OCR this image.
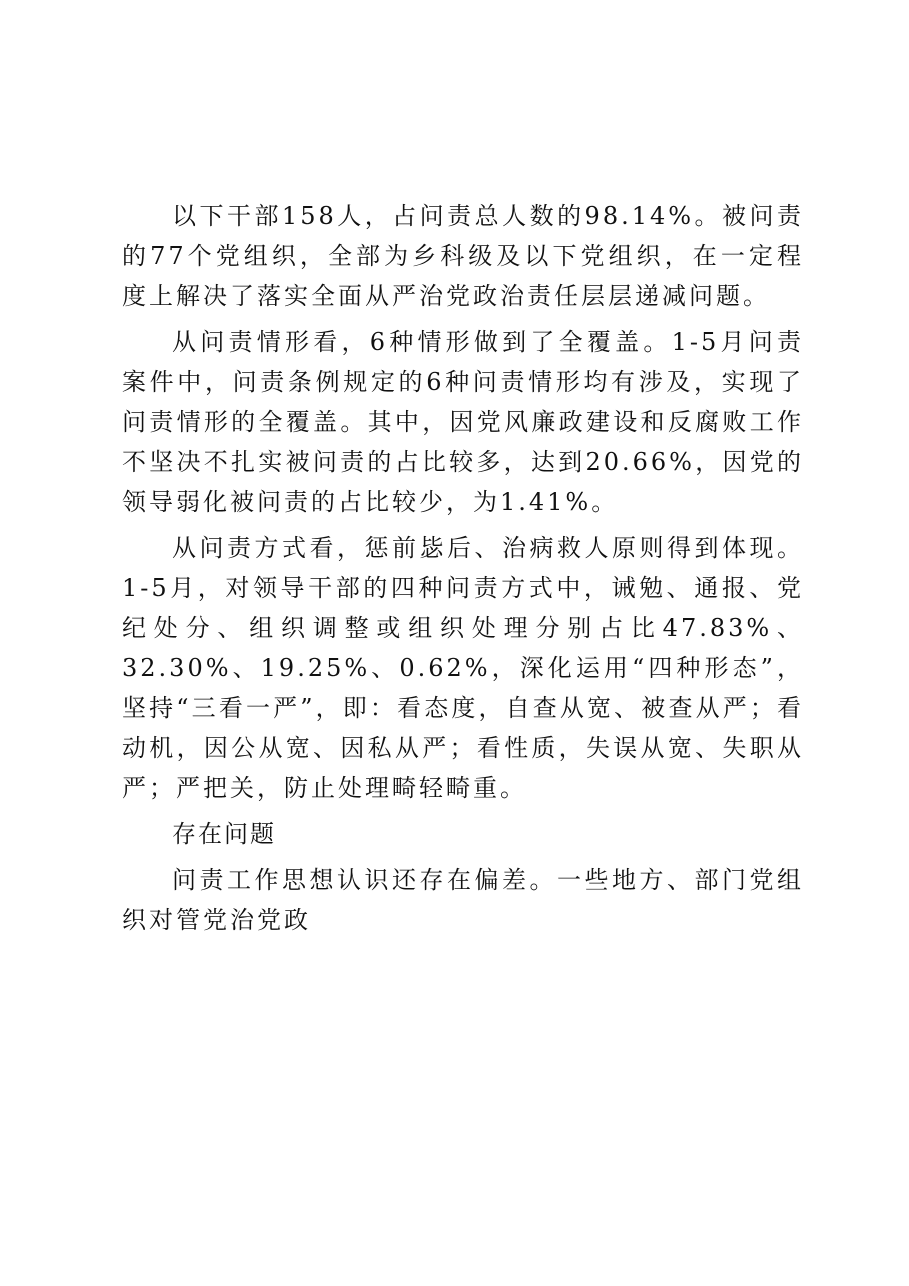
以下干部158人，占问责总人数的98.14%。被问责的77个党组织，全部为乡科级及以下党组织，在一定程度上解决了落实全面从严治党政治责任层层递减问题。

从问责情形看，6种情形做到了全覆盖。1-5月问责案件中，问责条例规定的6种问责情形均有涉及，实现了问责情形的全覆盖。其中，因党风廉政建设和反腐败工作不坚决不扎实被问责的占比较多，达到20.66%，因党的领导弱化被问责的占比较少，为1.41%。

从问责方式看，惩前毖后、治病救人原则得到体现。1-5月，对领导干部的四种问责方式中，诫勉、通报、党纪处分、组织调整或组织处理分别占比47.83%、32.30%、19.25%、0.62%，深化运用“四种形态”，坚持“三看一严”，即：看态度，自查从宽、被查从严；看动机，因公从宽、因私从严；看性质，失误从宽、失职从严；严把关，防止处理畸轻畸重。

存在问题

问责工作思想认识还存在偏差。一些地方、部门党组织对管党治党政
